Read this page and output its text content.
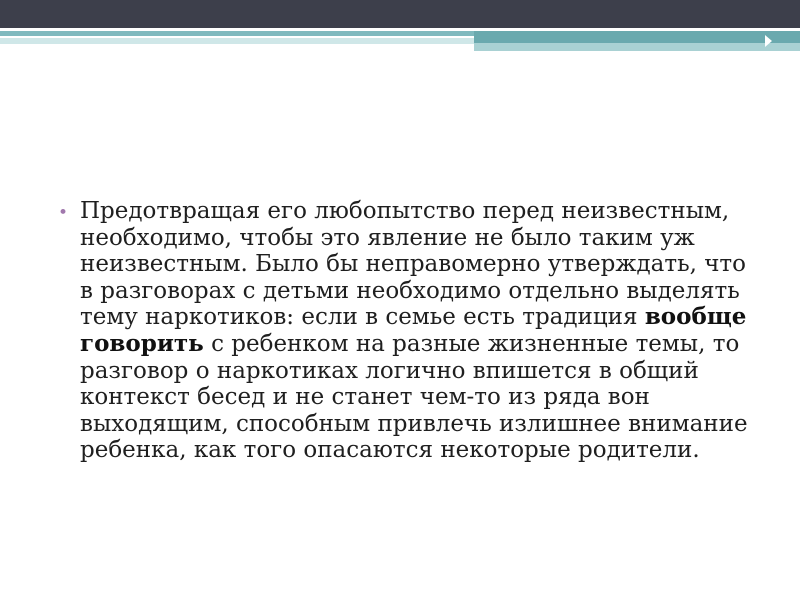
• Предотвращая его любопытство перед неизвестным, необходимо, чтобы это явление не было таким уж неизвестным. Было бы неправомерно утверждать, что в разговорах с детьми необходимо отдельно выделять тему наркотиков: если в семье есть традиция вообще говорить с ребенком на разные жизненные темы, то разговор о наркотиках логично впишется в общий контекст бесед и не станет чем-то из ряда вон выходящим, способным привлечь излишнее внимание ребенка, как того опасаются некоторые родители.
